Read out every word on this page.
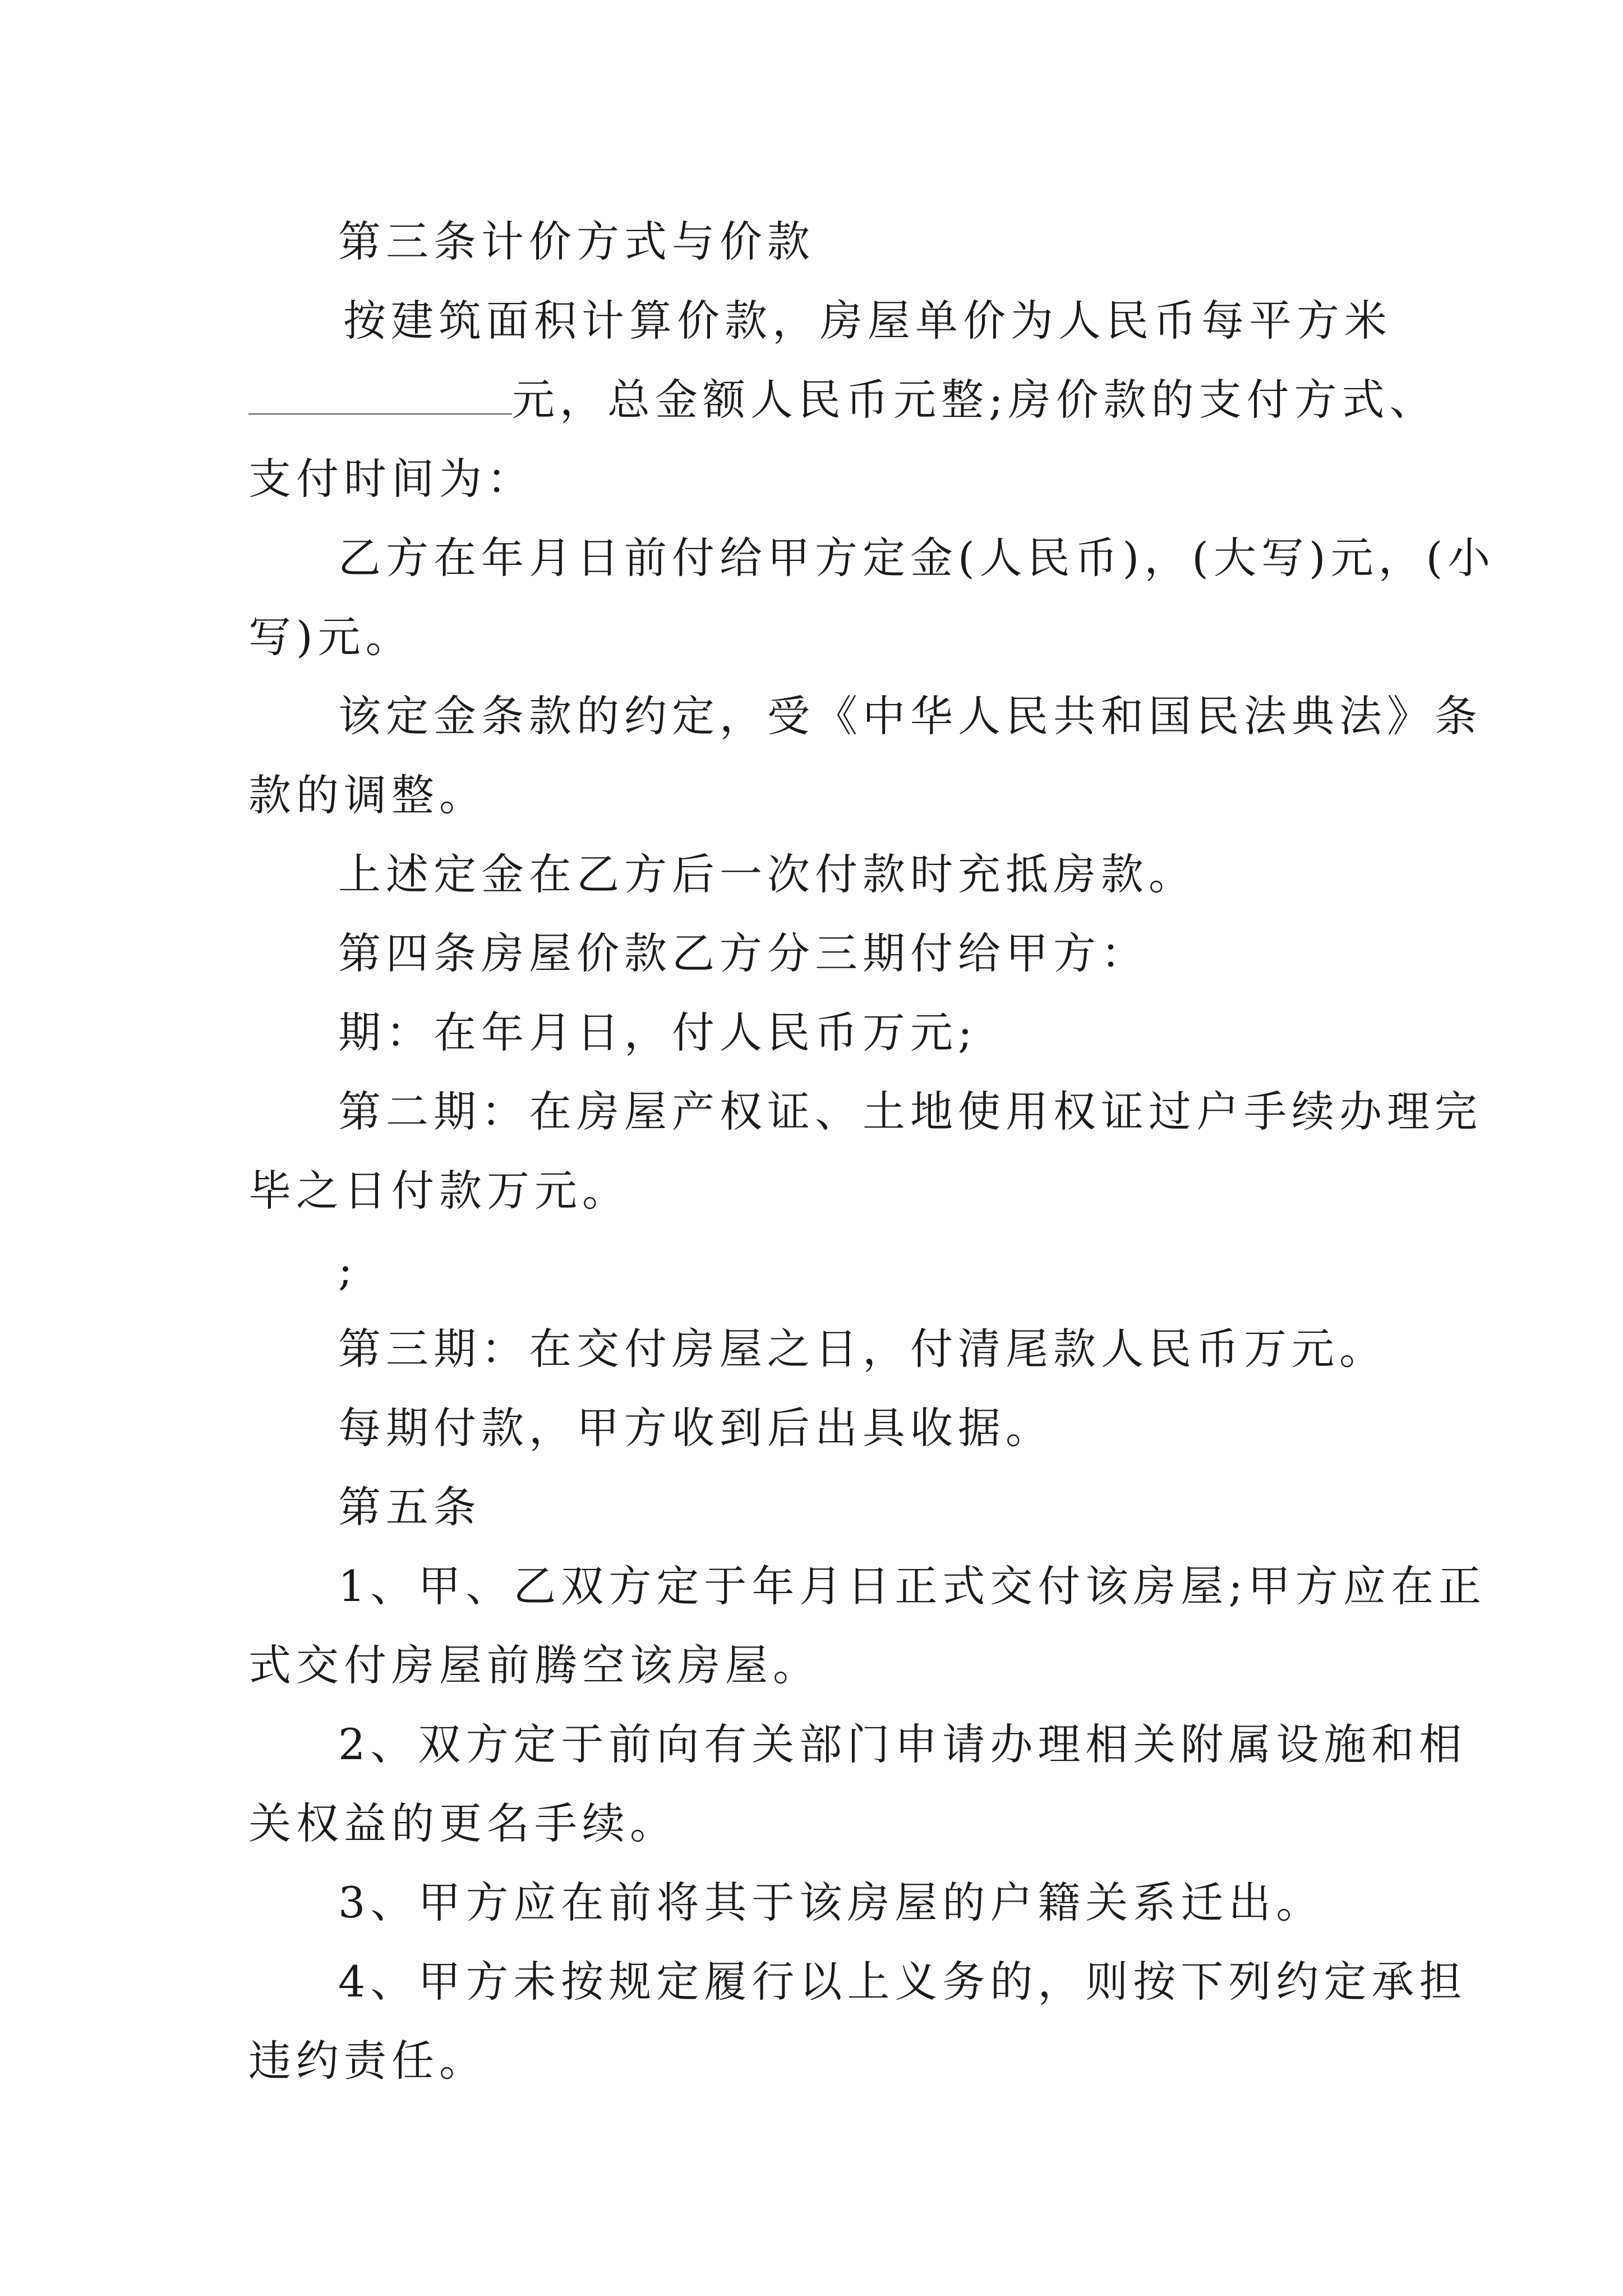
第三条计价方式与价款

按建筑面积计算价款，房屋单价为人民币每平方米

元，总金额人民币元整;房价款的支付方式、

支付时间为：

乙方在年月日前付给甲方定金(人民币)，(大写)元，(小

写)元。

该定金条款的约定，受《中华人民共和国民法典法》条

款的调整。

上述定金在乙方后一次付款时充抵房款。

第四条房屋价款乙方分三期付给甲方：

期：在年月日，付人民币万元;

第二期：在房屋产权证、土地使用权证过户手续办理完

毕之日付款万元。

;

第三期：在交付房屋之日，付清尾款人民币万元。

每期付款，甲方收到后出具收据。

第五条

1、甲、乙双方定于年月日正式交付该房屋;甲方应在正

式交付房屋前腾空该房屋。

2、双方定于前向有关部门申请办理相关附属设施和相

关权益的更名手续。

3、甲方应在前将其于该房屋的户籍关系迁出。

4、甲方未按规定履行以上义务的，则按下列约定承担

违约责任。
